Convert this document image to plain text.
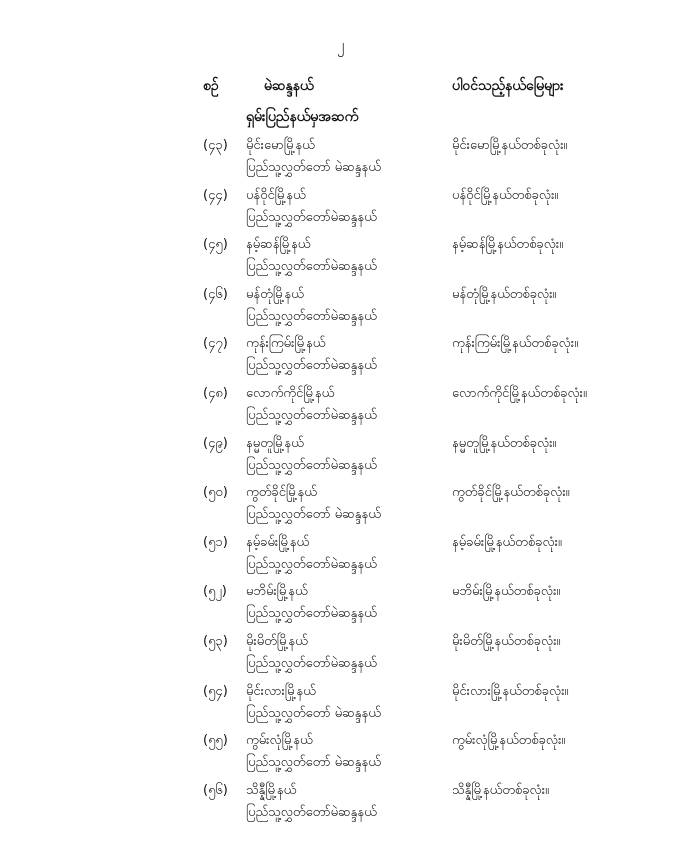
၂
စဉ်	မဲဆန္ဒနယ်	ပါဝင်သည့်နယ်မြေများ
ရှမ်းပြည်နယ်မှအဆက်
(၄၃) မိုင်းမောမြို့နယ်
ပြည်သူ့လွှတ်တော် မဲဆန္ဒနယ်
မိုင်းမောမြို့နယ်တစ်ခုလုံး။
(၄၄) ပန်ဝိုင်မြို့နယ်
ပြည်သူ့လွှတ်တော်မဲဆန္ဒနယ်
ပန်ဝိုင်မြို့နယ်တစ်ခုလုံး။
(၄၅) နမ့်ဆန်မြို့နယ်
ပြည်သူ့လွှတ်တော်မဲဆန္ဒနယ်
နမ့်ဆန်မြို့နယ်တစ်ခုလုံး။
(၄၆) မန်တုံမြို့နယ်
ပြည်သူ့လွှတ်တော်မဲဆန္ဒနယ်
မန်တုံမြို့နယ်တစ်ခုလုံး။
(၄၇) ကုန်းကြမ်းမြို့နယ်
ပြည်သူ့လွှတ်တော်မဲဆန္ဒနယ်
ကုန်းကြမ်းမြို့နယ်တစ်ခုလုံး။
(၄၈) လောက်ကိုင်မြို့နယ်
ပြည်သူ့လွှတ်တော်မဲဆန္ဒနယ်
လောက်ကိုင်မြို့နယ်တစ်ခုလုံး။
(၄၉) နမ္မတူမြို့နယ်
ပြည်သူ့လွှတ်တော်မဲဆန္ဒနယ်
နမ္မတူမြို့နယ်တစ်ခုလုံး။
(၅၀) ကွတ်ခိုင်မြို့နယ်
ပြည်သူ့လွှတ်တော် မဲဆန္ဒနယ်
ကွတ်ခိုင်မြို့နယ်တစ်ခုလုံး။
(၅၁) နမ့်ခမ်းမြို့နယ်
ပြည်သူ့လွှတ်တော်မဲဆန္ဒနယ်
နမ့်ခမ်းမြို့နယ်တစ်ခုလုံး။
(၅၂) မဘိမ်းမြို့နယ်
ပြည်သူ့လွှတ်တော်မဲဆန္ဒနယ်
မဘိမ်းမြို့နယ်တစ်ခုလုံး။
(၅၃) မိုးမိတ်မြို့နယ်
ပြည်သူ့လွှတ်တော်မဲဆန္ဒနယ်
မိုးမိတ်မြို့နယ်တစ်ခုလုံး။
(၅၄) မိုင်းလားမြို့နယ်
ပြည်သူ့လွှတ်တော် မဲဆန္ဒနယ်
မိုင်းလားမြို့နယ်တစ်ခုလုံး။
(၅၅) ကွမ်းလုံမြို့နယ်
ပြည်သူ့လွှတ်တော် မဲဆန္ဒနယ်
ကွမ်းလုံမြို့နယ်တစ်ခုလုံး။
(၅၆) သိန္နီမြို့နယ်
ပြည်သူ့လွှတ်တော်မဲဆန္ဒနယ်
သိန္နီမြို့နယ်တစ်ခုလုံး။
